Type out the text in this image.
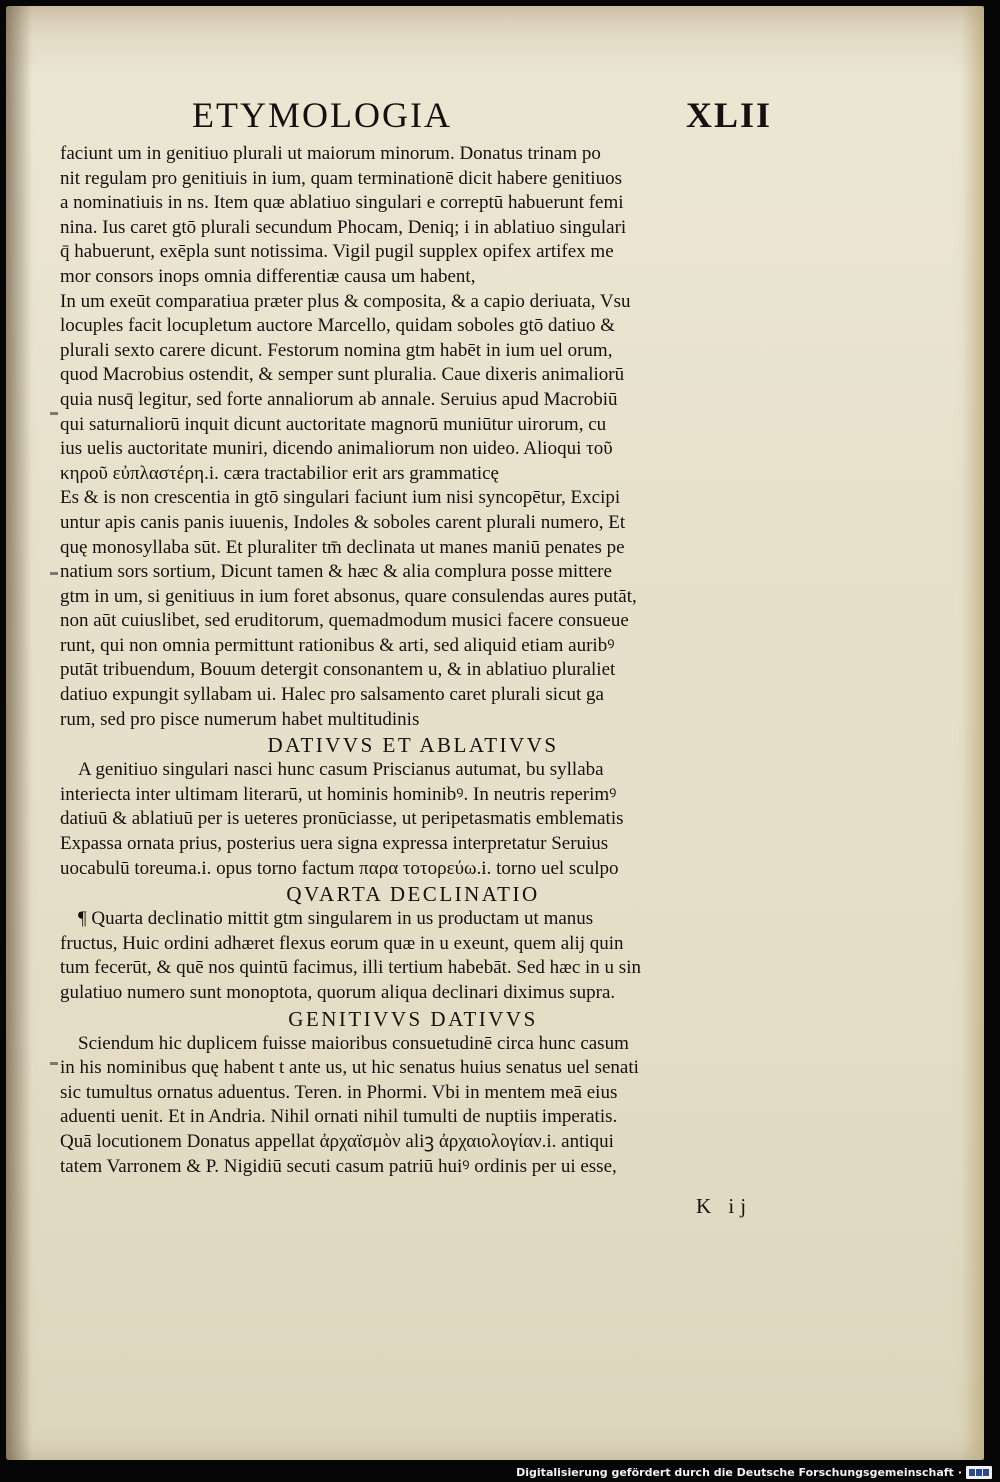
ETYMOLOGIA	XLII
faciunt um in genitiuo plurali ut maiorum minorum. Donatus trinam po
nit regulam pro genitiuis in ium, quam terminationē dicit habere genitiuos
a nominatiuis in ns. Item quæ ablatiuo singulari e correptū habuerunt femi
nina. Ius caret gtō plurali secundum Phocam, Deniq; i in ablatiuo singulari
q̄ habuerunt, exēpla sunt notissima. Vigil pugil supplex opifex artifex me
mor consors inops omnia differentiæ causa um habent,
In um exeūt comparatiua præter plus & composita, & a capio deriuata, Vsu
locuples facit locupletum auctore Marcello, quidam soboles gtō datiuo &
plurali sexto carere dicunt. Festorum nomina gtm habēt in ium uel orum,
quod Macrobius ostendit, & semper sunt pluralia. Caue dixeris animaliorū
quia nusq̄ legitur, sed forte annaliorum ab annale. Seruius apud Macrobiū
qui saturnaliorū inquit dicunt auctoritate magnorū muniūtur uirorum, cu
ius uelis auctoritate muniri, dicendo animaliorum non uideo. Alioqui τοῦ
κηροῦ εὐπλαστέρη.i. cæra tractabilior erit ars grammaticę
Es & is non crescentia in gtō singulari faciunt ium nisi syncopētur, Excipi
untur apis canis panis iuuenis, Indoles & soboles carent plurali numero, Et
quę monosyllaba sūt. Et pluraliter tm̄ declinata ut manes maniū penates pe
natium sors sortium, Dicunt tamen & hæc & alia complura posse mittere
gtm in um, si genitiuus in ium foret absonus, quare consulendas aures putāt,
non aūt cuiuslibet, sed eruditorum, quemadmodum musici facere consueue
runt, qui non omnia permittunt rationibus & arti, sed aliquid etiam auribꝰ
putāt tribuendum, Bouum detergit consonantem u, & in ablatiuo pluraliet
datiuo expungit syllabam ui. Halec pro salsamento caret plurali sicut ga
rum, sed pro pisce numerum habet multitudinis
DATIVVS ET ABLATIVVS
A genitiuo singulari nasci hunc casum Priscianus autumat, bu syllaba
interiecta inter ultimam literarū, ut hominis hominibꝰ. In neutris reperimꝰ
datiuū & ablatiuū per is ueteres pronūciasse, ut peripetasmatis emblematis
Expassa ornata prius, posterius uera signa expressa interpretatur Seruius
uocabulū toreuma.i. opus torno factum παρα τοτορεύω.i. torno uel sculpo
QVARTA DECLINATIO
¶ Quarta declinatio mittit gtm singularem in us productam ut manus
fructus, Huic ordini adhæret flexus eorum quæ in u exeunt, quem alij quin
tum fecerūt, & quē nos quintū facimus, illi tertium habebāt. Sed hæc in u sin
gulatiuo numero sunt monoptota, quorum aliqua declinari diximus supra.
GENITIVVS DATIVVS
Sciendum hic duplicem fuisse maioribus consuetudinē circa hunc casum
in his nominibus quę habent t ante us, ut hic senatus huius senatus uel senati
sic tumultus ornatus aduentus. Teren. in Phormi. Vbi in mentem meā eius
aduenti uenit. Et in Andria. Nihil ornati nihil tumulti de nuptiis imperatis.
Quā locutionem Donatus appellat ἀρχαϊσμὸν aliꝫ ἀρχαιολογίαν.i. antiqui
tatem Varronem & P. Nigidiū secuti casum patriū huiꝰ ordinis per ui esse,
K ij
Digitalisierung gefördert durch die Deutsche Forschungsgemeinschaft ·
